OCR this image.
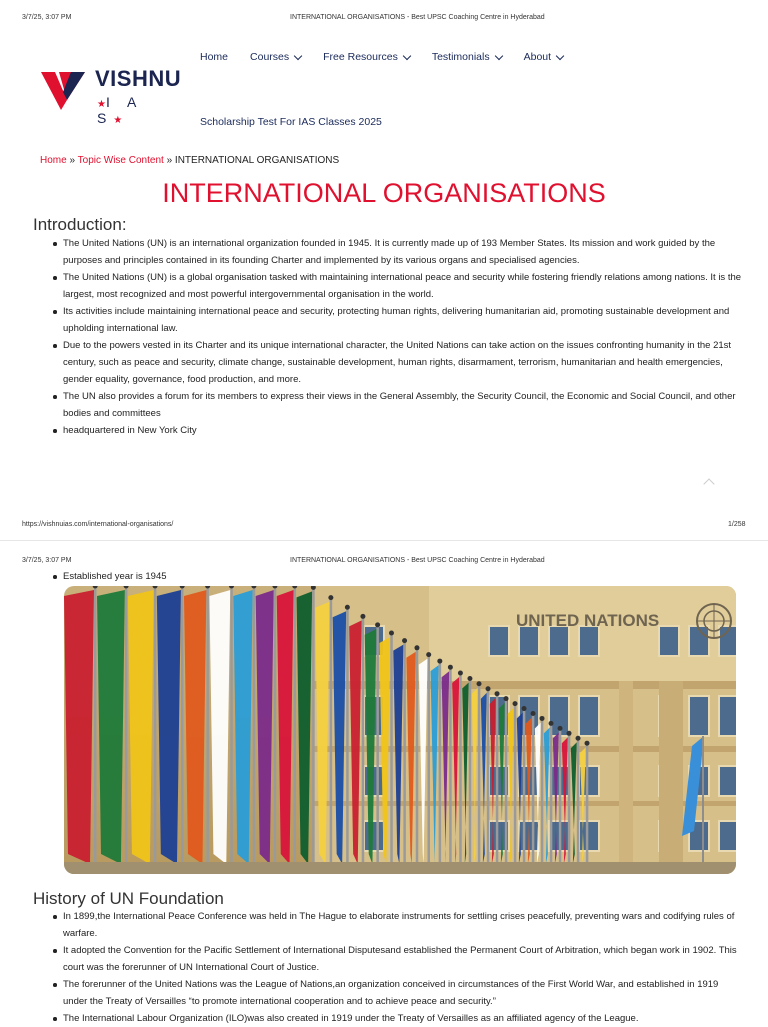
3/7/25, 3:07 PM	INTERNATIONAL ORGANISATIONS - Best UPSC Coaching Centre in Hyderabad
VISHNU
★I A S★
Home Courses	Free Resources	Testimonials	About
Scholarship Test For IAS Classes 2025
Home » Topic Wise Content » INTERNATIONAL ORGANISATIONS
INTERNATIONAL ORGANISATIONS
Introduction:
The United Nations (UN) is an international organization founded in 1945. It is currently made up of 193 Member States. Its mission and work guided by the purposes and principles contained in its founding Charter and implemented by its various organs and specialised agencies.
The United Nations (UN) is a global organisation tasked with maintaining international peace and security while fostering friendly relations among nations. It is the largest, most recognized and most powerful intergovernmental organisation in the world.
Its activities include maintaining international peace and security, protecting human rights, delivering humanitarian aid, promoting sustainable development and upholding international law.
Due to the powers vested in its Charter and its unique international character, the United Nations can take action on the issues confronting humanity in the 21st century, such as peace and security, climate change, sustainable development, human rights, disarmament, terrorism, humanitarian and health emergencies, gender equality, governance, food production, and more.
The UN also provides a forum for its members to express their views in the General Assembly, the Security Council, the Economic and Social Council, and other bodies and committees
headquartered in New York City
https://vishnuias.com/international-organisations/	1/258
3/7/25, 3:07 PM	INTERNATIONAL ORGANISATIONS - Best UPSC Coaching Centre in Hyderabad
Established year is 1945
UNITED NATIONS
History of UN Foundation
In 1899,the International Peace Conference was held in The Hague to elaborate instruments for settling crises peacefully, preventing wars and codifying rules of warfare.
It adopted the Convention for the Pacific Settlement of International Disputesand established the Permanent Court of Arbitration, which began work in 1902. This court was the forerunner of UN International Court of Justice.
The forerunner of the United Nations was the League of Nations,an organization conceived in circumstances of the First World War, and established in 1919 under the Treaty of Versailles “to promote international cooperation and to achieve peace and security.”
The International Labour Organization (ILO)was also created in 1919 under the Treaty of Versailles as an affiliated agency of the League.
